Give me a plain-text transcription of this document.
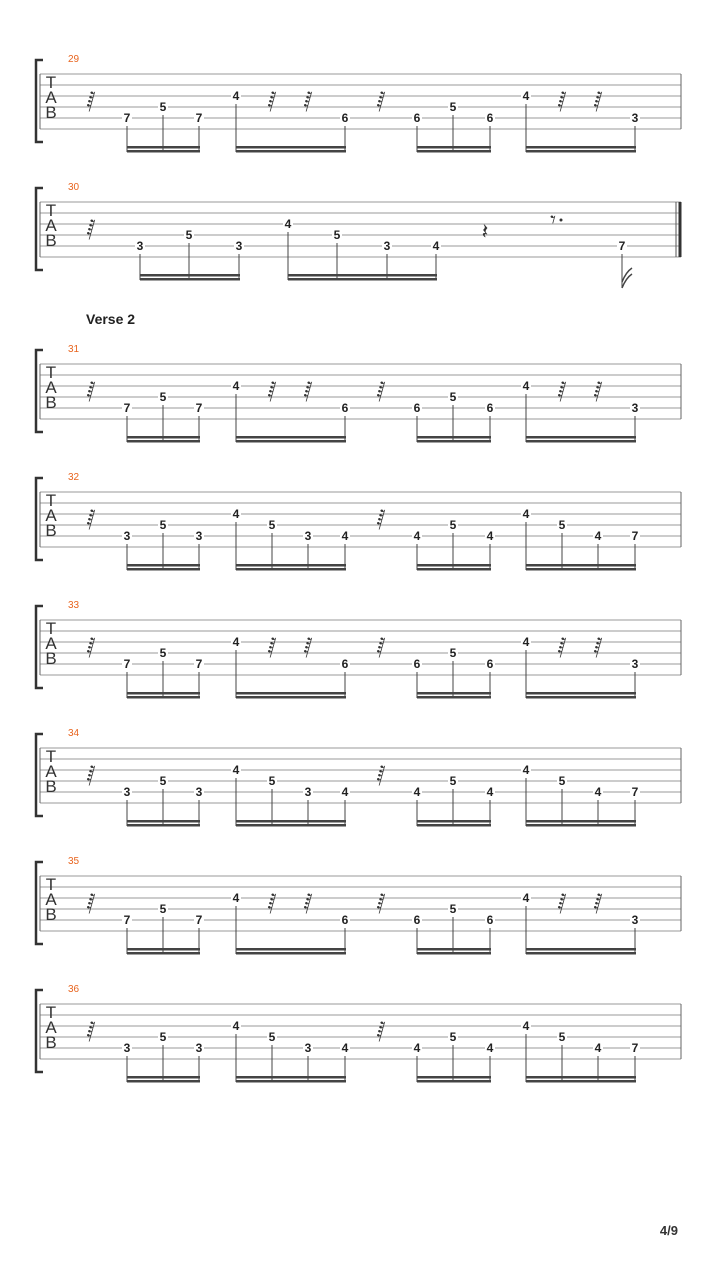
T
A
B
29
𝅁	𝅁 𝅁	𝅁	𝅁 𝅁
7
5
7
4
6	6
5
6
4
3
T
A
B
30
𝅁	𝄽	𝄾
3
5
3
4
5
3	4	7
T
A
B
31
𝅁	𝅁 𝅁	𝅁	𝅁 𝅁
7
5
7
4
6	6
5
6
4
3
T
A
B
32
𝅁	𝅁
3
5
3
4
5
3	4	4
5
4
4
5
4	7
T
A
B
33
𝅁	𝅁 𝅁	𝅁	𝅁 𝅁
7
5
7
4
6	6
5
6
4
3
T
A
B
34
𝅁	𝅁
3
5
3
4
5
3	4	4
5
4
4
5
4	7
T
A
B
35
𝅁	𝅁 𝅁	𝅁	𝅁 𝅁
7
5
7
4
6	6
5
6
4
3
T
A
B
36
𝅁	𝅁
3
5
3
4
5
3	4	4
5
4
4
5
4	7
Verse 2
4/9
